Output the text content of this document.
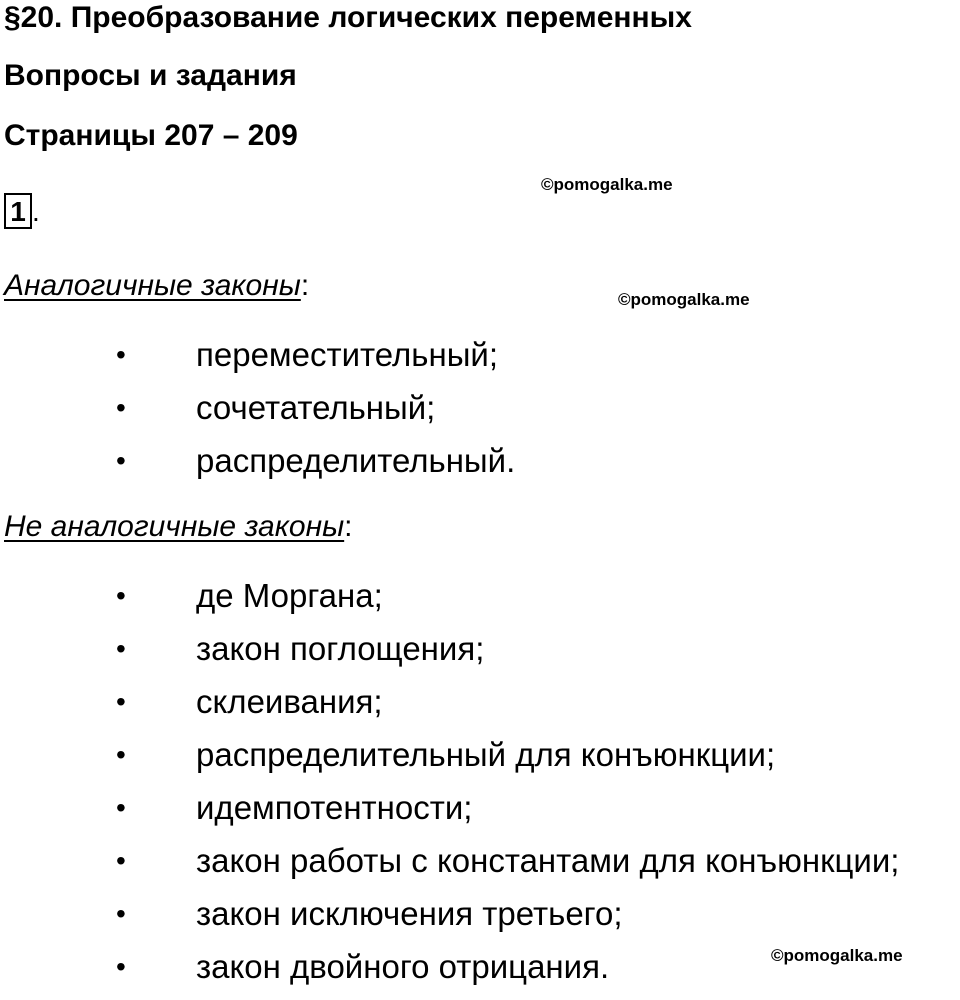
§20. Преобразование логических переменных
Вопросы и задания
Страницы 207 – 209
1 .
©pomogalka.me
©pomogalka.me
©pomogalka.me
Аналогичные законы:
• переместительный;
• сочетательный;
• распределительный.
Не аналогичные законы:
• де Моргана;
• закон поглощения;
• склеивания;
• распределительный для конъюнкции;
• идемпотентности;
• закон работы с константами для конъюнкции;
• закон исключения третьего;
• закон двойного отрицания.
